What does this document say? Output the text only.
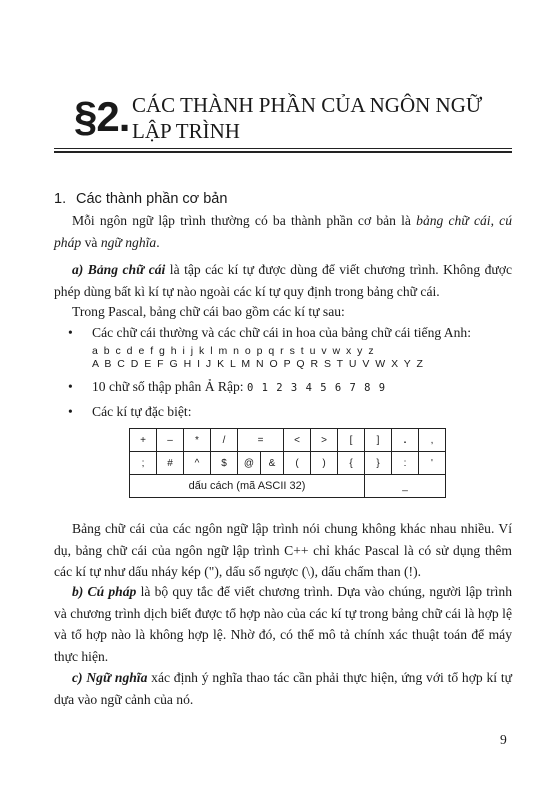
§2. CÁC THÀNH PHẦN CỦA NGÔN NGỮ
LẬP TRÌNH
1. Các thành phần cơ bản

Mỗi ngôn ngữ lập trình thường có ba thành phần cơ bản là bảng chữ cái, cú pháp và ngữ nghĩa.

a) Bảng chữ cái là tập các kí tự được dùng để viết chương trình. Không được phép dùng bất kì kí tự nào ngoài các kí tự quy định trong bảng chữ cái.

Trong Pascal, bảng chữ cái bao gồm các kí tự sau:

• Các chữ cái thường và các chữ cái in hoa của bảng chữ cái tiếng Anh:
a b c d e f g h i j k l m n o p q r s t u v w x y z
A B C D E F G H I J K L M N O P Q R S T U V W X Y Z
• 10 chữ số thập phân Ả Rập: 0 1 2 3 4 5 6 7 8 9
• Các kí tự đặc biệt:
+	–	*	/	=		<	>	[	]	.	,
;	#	^	$	@	&	(	)	{	}	:	'
dấu cách (mã ASCII 32)									_		

Bảng chữ cái của các ngôn ngữ lập trình nói chung không khác nhau nhiều. Ví dụ, bảng chữ cái của ngôn ngữ lập trình C++ chỉ khác Pascal là có sử dụng thêm các kí tự như dấu nháy kép ("), dấu sổ ngược (\), dấu chấm than (!).

b) Cú pháp là bộ quy tắc để viết chương trình. Dựa vào chúng, người lập trình và chương trình dịch biết được tổ hợp nào của các kí tự trong bảng chữ cái là hợp lệ và tổ hợp nào là không hợp lệ. Nhờ đó, có thể mô tả chính xác thuật toán để máy thực hiện.

c) Ngữ nghĩa xác định ý nghĩa thao tác cần phải thực hiện, ứng với tổ hợp kí tự dựa vào ngữ cảnh của nó.

9
